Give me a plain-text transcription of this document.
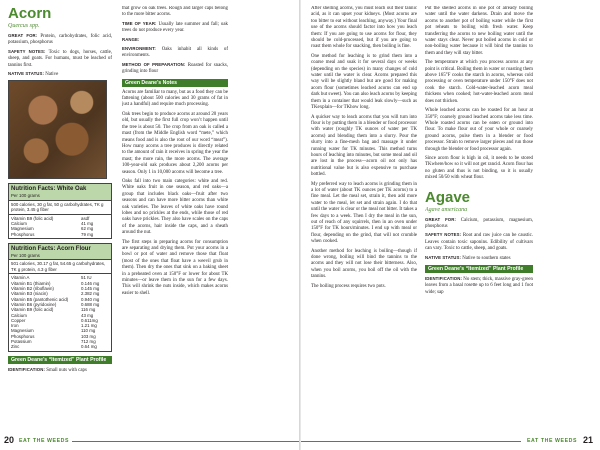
Acorn
Quercus spp.

GREAT FOR: Protein, carbohydrates, folic acid, potassium, phosphorus

SAFETY NOTES: Toxic to dogs, horses, cattle, sheep, and goats. For humans, must be leached of tannins first.

NATIVE STATUS: Native

Nutrition Facts: White Oak
Per 100 grams
500 calories, 30 g fat, 50 g carbohydrates, TK g protein, 3.45 g fiber
Vitamin B9 (folic acid)	asdf
Calcium	41 mg
Magnesium	62 mg
Phosphorus	79 mg
Nutrition Facts: Acorn Flour
Per 100 grams
501 calories, 30.17 g fat, 54.65 g carbohydrates, TK g protein, 4.3 g fiber
Vitamin A	51 IU
Vitamin B1 (thiamin)	0.146 mg
Vitamin B2 (riboflavin)	0.145 mg
Vitamin B3 (niacin)	2.382 mg
Vitamin B5 (pantothenic acid)	0.940 mg
Vitamin B6 (pyridoxine)	0.688 mg
Vitamin B9 (folic acid)	116 mg
Calcium	43 mg
Copper	0.611mg
Iron	1.21 mg
Magnesium	110 mg
Phosphorus	103 mg
Potassium	712 mg
Zinc	0.64 mg
Green Deane’s “Itemized” Plant Profile

IDENTIFICATION: Small nuts with caps

that grow on oak trees. Rough and larger caps belong to the more bitter acorns.

TIME OF YEAR: Usually late summer and fall; oak trees do not produce every year.

RANGE:

ENVIRONMENT: Oaks inhabit all kinds of environments.

METHOD OF PREPARATION: Roasted for snacks, grinding into flour

Green Deane’s Notes

Acorns are familiar to many, but as a food they can be fattening (about 500 calories and 30 grams of fat in just a handful) and require much processing.

Oak trees begin to produce acorns at around 20 years old, but usually the first full crop won’t happen until the tree is about 50. The crop from an oak is called a mast (from the Middle English word “mete,” which means food and is also the root of our word “meat”). How many acorns a tree produces is directly related to the amount of rain it receives in spring the year the mast; the more rain, the more acorns. The average 100-year-old oak produces about 2,200 acorns per season. Only 1 in 10,000 acorns will become a tree.

Oaks fall into two main categories: white and red. White oaks fruit in one season, and red oaks—a group that includes black oaks—fruit after two seasons and can have more bitter acorns than white oak varieties. The leaves of white oaks have round lobes and no prickles at the ends, while those of red oaks have prickles. They also have scales on the caps of the acorns, hair inside the caps, and a sheath around the nut.

The first steps in preparing acorns for consumption are separating and drying them. Put your acorns in a bowl or pot of water and remove those that float (most of the ones that float have a weevil grub in them). Then dry the ones that sink on a baking sheet in a preheated oven at 150°F or lower for about TK minutes—or leave them in the sun for a few days. This will shrink the nuts inside, which makes acorns easier to shell.

20 EAT THE WEEDS

After shelling acorns, you must leach out their tannic acid, as it can upset your kidneys. (Most acorns are too bitter to eat without leaching, anyway.) Your final use of the acorns should factor into how you leach them: If you are going to use acorns for flour, they should be cold-processed, but if you are going to roast them whole for snacking, then boiling is fine.

One method for leaching is to grind them into a coarse meal and soak it for several days or weeks (depending on the species) in many changes of cold water until the water is clear. Acorns prepared this way will be slightly bland but are good for making acorn flour (sometimes leached acorns can end up dark but sweet). You can also leach acorns by keeping them in a container that would leak slowly—such as TKexplain—for TKhow long.

A quicker way to leach acorns that you will turn into flour is by putting them in a blender or food processor with water (roughly TK ounces of water per TK acorns) and blending them into a slurry. Pour the slurry into a fine-mesh bag and massage it under running water for TK minutes. This method turns hours of leaching into minutes, but some meal and oil are lost in the process—acorn oil not only has nutritional value but is also expensive to purchase bottled.

My preferred way to leach acorns is grinding them in a lot of water (about TK ounces per TK acorns) to a fine meal. Let the meal set, strain it, then add more water to the meal, let set and strain again. I do that until the water is clear or the meal not bitter. It takes a few days to a week. Then I dry the meal in the sun, out of reach of any squirrels, then in an oven under 150°F for TK hours/minutes. I end up with meal or flour, depending on the grind, that will not crumble when cooked.

Another method for leaching is boiling—though if done wrong, boiling will bind the tannins to the acorns and they will not lose their bitterness. Also, when you boil acorns, you boil off the oil with the tannins.

The boiling process requires two pots.

Put the shelled acorns in one pot of already boiling water until the water darkens. Drain and move the acorns to another pot of boiling water while the first pot reheats to boiling with fresh water. Keep transferring the acorns to new boiling water until the water stays clear. Never put boiled acorns in cold or non-boiling water because it will bind the tannins to them and they will stay bitter.

The temperature at which you process acorns at any point is critical. Boiling them in water or roasting them above 165°F cooks the starch in acorns, whereas cold processing or oven temperature under 150°F does not cook the starch. Cold-water-leached acorn meal thickens when cooked; hot-water-leached acorn meal does not thicken.

Whole leached acorns can be roasted for an hour at 350°F; coarsely ground leached acorns take less time. Whole roasted acorns can be eaten or ground into flour. To make flour out of your whole or coarsely ground acorns, pulse them in a blender or food processor. Strain to remove larger pieces and run those through the blender or food processor again.

Since acorn flour is high in oil, it needs to be stored TKwhere/how so it will not get rancid. Acorn flour has no gluten and thus is not binding, so it is usually mixed 50/50 with wheat flour.

Agave
Agave americana

GREAT FOR: Calcium, potassium, magnesium, phosphorus

SAFETY NOTES: Root and raw juice can be caustic. Leaves contain toxic saponins. Edibility of cultivars can vary. Toxic to cattle, sheep, and goats.

NATIVE STATUS: Native to southern states

Green Deane’s “Itemized” Plant Profile

IDENTIFICATION: No stem; thick, massive gray-green leaves from a basal rosette up to 6 feet long and 1 foot wide; sap

EAT THE WEEDS 21
